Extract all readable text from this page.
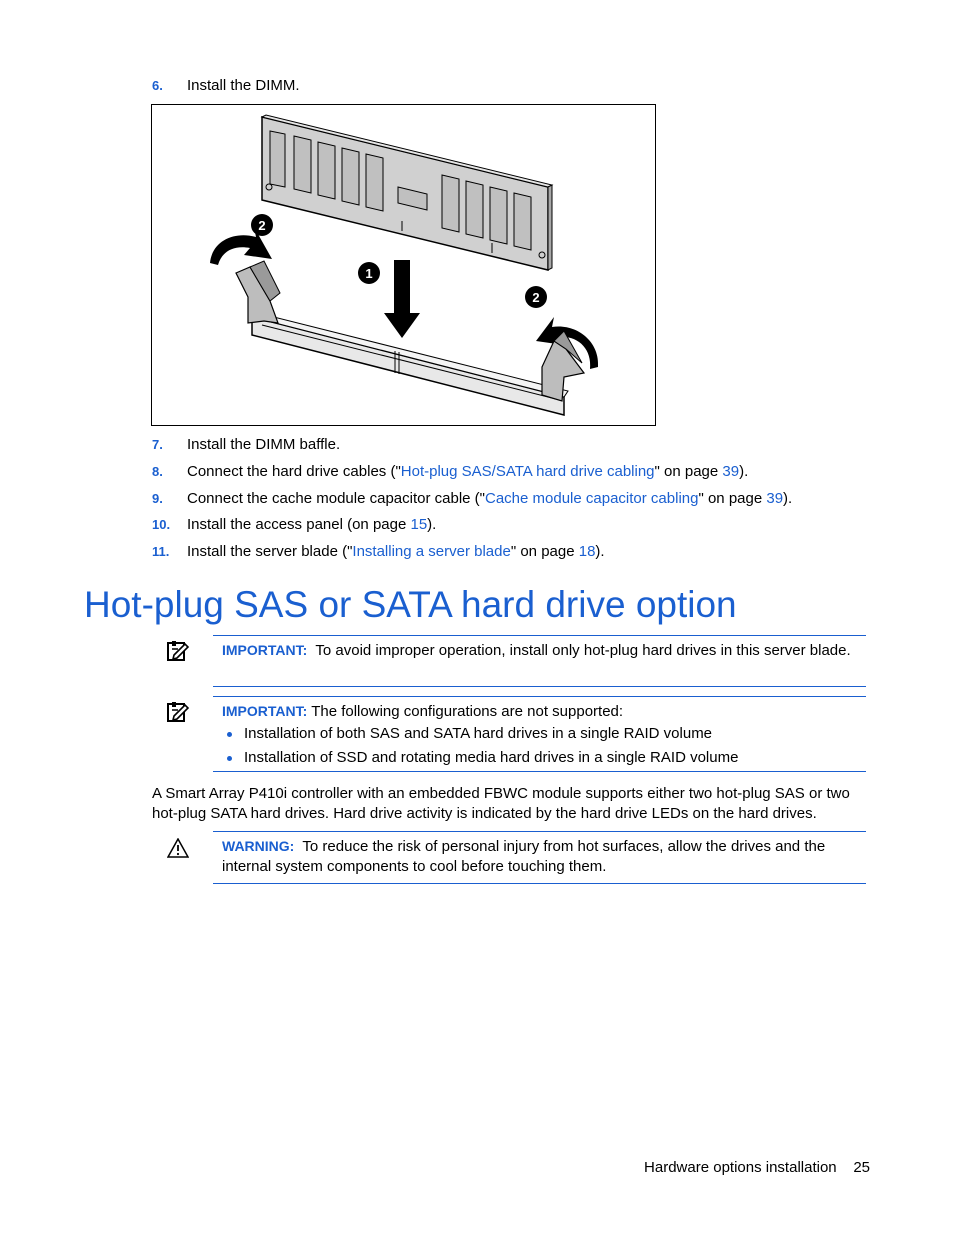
6. Install the DIMM.
2
1
2
7. Install the DIMM baffle.
8. Connect the hard drive cables ("Hot-plug SAS/SATA hard drive cabling" on page 39).
9. Connect the cache module capacitor cable ("Cache module capacitor cabling" on page 39).
10. Install the access panel (on page 15).
11. Install the server blade ("Installing a server blade" on page 18).
Hot-plug SAS or SATA hard drive option
IMPORTANT: To avoid improper operation, install only hot-plug hard drives in this server blade.
IMPORTANT: The following configurations are not supported:
Installation of both SAS and SATA hard drives in a single RAID volume
Installation of SSD and rotating media hard drives in a single RAID volume
A Smart Array P410i controller with an embedded FBWC module supports either two hot-plug SAS or two hot-plug SATA hard drives. Hard drive activity is indicated by the hard drive LEDs on the hard drives.
WARNING: To reduce the risk of personal injury from hot surfaces, allow the drives and the internal system components to cool before touching them.
Hardware options installation 25
